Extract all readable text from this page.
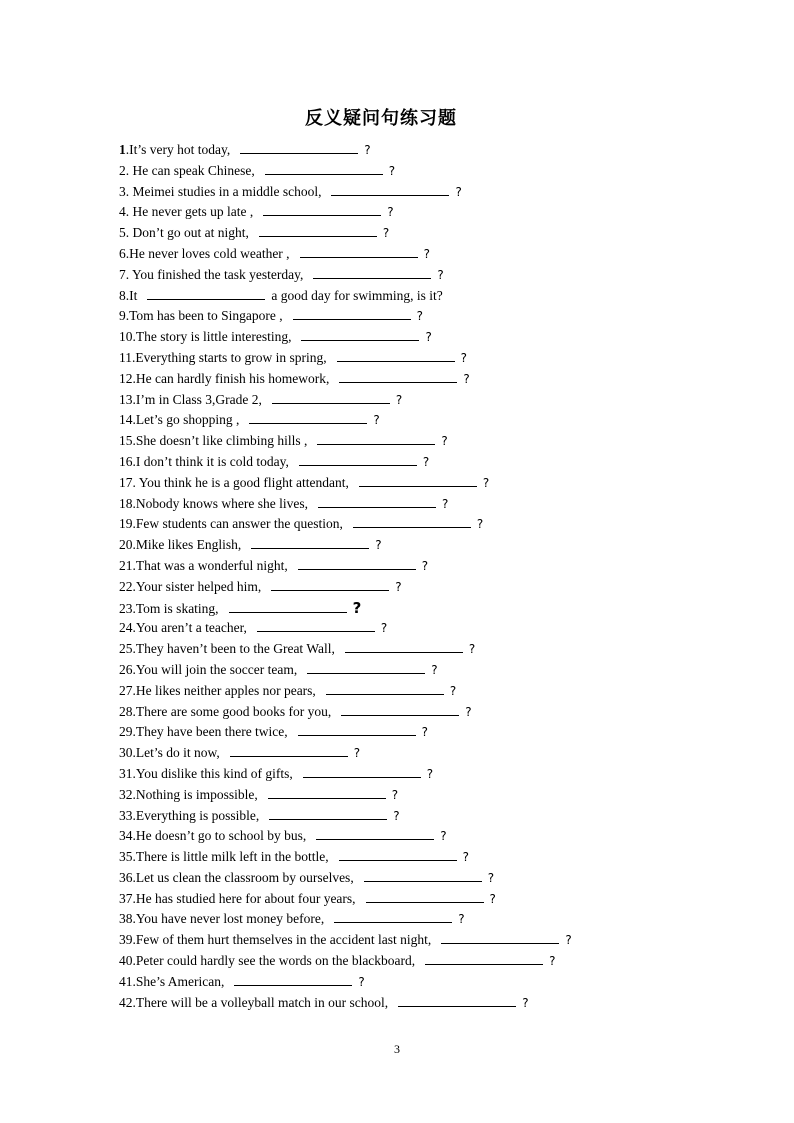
反义疑问句练习题
1 .It’s very hot today,	?
2. He can speak Chinese,	?
3. Meimei studies in a middle school,	?
4. He never gets up late ,	?
5. Don’t go out at night,	?
6.He never loves cold weather ,	?
7. You finished the task yesterday,	?
8.It	a good day for swimming, is it?
9.Tom has been to Singapore ,	?
10.The story is little interesting,	?
11.Everything starts to grow in spring,	?
12.He can hardly finish his homework,	?
13.I’m in Class 3,Grade 2,	?
14.Let’s go shopping ,	?
15.She doesn’t like climbing hills ,	?
16.I don’t think it is cold today,	?
17. You think he is a good flight attendant,	?
18.Nobody knows where she lives,	?
19.Few students can answer the question,	?
20.Mike likes English,	?
21.That was a wonderful night,	?
22.Your sister helped him,	?
23.Tom is skating,	?
24.You aren’t a teacher,	?
25.They haven’t been to the Great Wall,	?
26.You will join the soccer team,	?
27.He likes neither apples nor pears,	?
28.There are some good books for you,	?
29.They have been there twice,	?
30.Let’s do it now,	?
31.You dislike this kind of gifts,	?
32.Nothing is impossible,	?
33.Everything is possible,	?
34.He doesn’t go to school by bus,	?
35.There is little milk left in the bottle,	?
36.Let us clean the classroom by ourselves,	?
37.He has studied here for about four years,	?
38.You have never lost money before,	?
39.Few of them hurt themselves in the accident last night,	?
40.Peter could hardly see the words on the blackboard,	?
41.She’s American,	?
42.There will be a volleyball match in our school,	?
3
